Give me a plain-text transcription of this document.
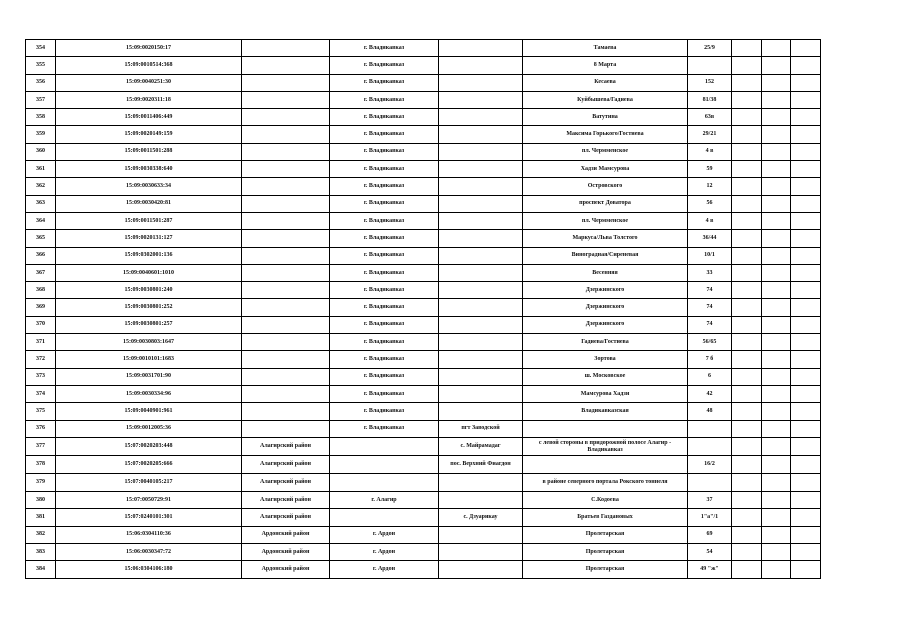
354	15:09:0020150:17		г. Владикавказ		Тамаева	25/9			
355	15:09:0010514:368		г. Владикавказ		8 Марта				
356	15:09:0040251:30		г. Владикавказ		Кесаева	152			
357	15:09:0020311:18		г. Владикавказ		Куйбышева/Гадиева	81/38			
358	15:09:0011406:449		г. Владикавказ		Ватутина	63в			
359	15:09:0020149:159		г. Владикавказ		Максима Горького/Гостиева	29/21			
360	15:09:0011501:288		г. Владикавказ		пл. Чермменское	4 в			
361	15:09:0030338:640		г. Владикавказ		Хадзи Мамсурова	59			
362	15:09:0030633:34		г. Владикавказ		Островского	12			
363	15:09:0030420:81		г. Владикавказ		проспект Доватора	56			
364	15:09:0011501:287		г. Владикавказ		пл. Чермменское	4 в			
365	15:09:0020131:127		г. Владикавказ		Маркуса/Льва Толстого	36/44			
366	15:09:0302001:136		г. Владикавказ		Виноградная/Сиреневая	10/1			
367	15:09:0040601:1010		г. Владикавказ		Весенняя	33			
368	15:09:0030801:240		г. Владикавказ		Дзержинского	74			
369	15:09:0030801:252		г. Владикавказ		Дзержинского	74			
370	15:09:0030801:257		г. Владикавказ		Дзержинского	74			
371	15:09:0030803:1647		г. Владикавказ		Гадиева/Гостиева	56/65			
372	15:09:0010101:1683		г. Владикавказ		Зортова	7 б			
373	15:09:0031701:90		г. Владикавказ		ш. Московское	6			
374	15:09:0030334:96		г. Владикавказ		Мамсурова Хадзи	42			
375	15:09:0040901:961		г. Владикавказ		Владикавказская	48			
376	15:09:0012005:36		г. Владикавказ	пгт Заводской					
377	15:07:0020203:448	Алагирский район		с. Майрамадаг	с левой стороны в придорожной полосе Алагир - Владикавказ				
378	15:07:0020205:666	Алагирский район		пос. Верхний Фиагдон		16/2			
379	15:07:0040105:217	Алагирский район			в районе северного портала Рокского тоннеля				
380	15:07:0050729:91	Алагирский район	г. Алагир		С.Кодоева	37			
381	15:07:0240101:301	Алагирский район		с. Дзуарикау	Братьев Газдановых	1"а"/1			
382	15:06:0304110:36	Ардонский район	г. Ардон		Пролетарская	69			
383	15:06:0030347:72	Ардонский район	г. Ардон		Пролетарская	54			
384	15:06:0304106:180	Ардонский район	г. Ардон		Пролетарская	49 "ж"			
